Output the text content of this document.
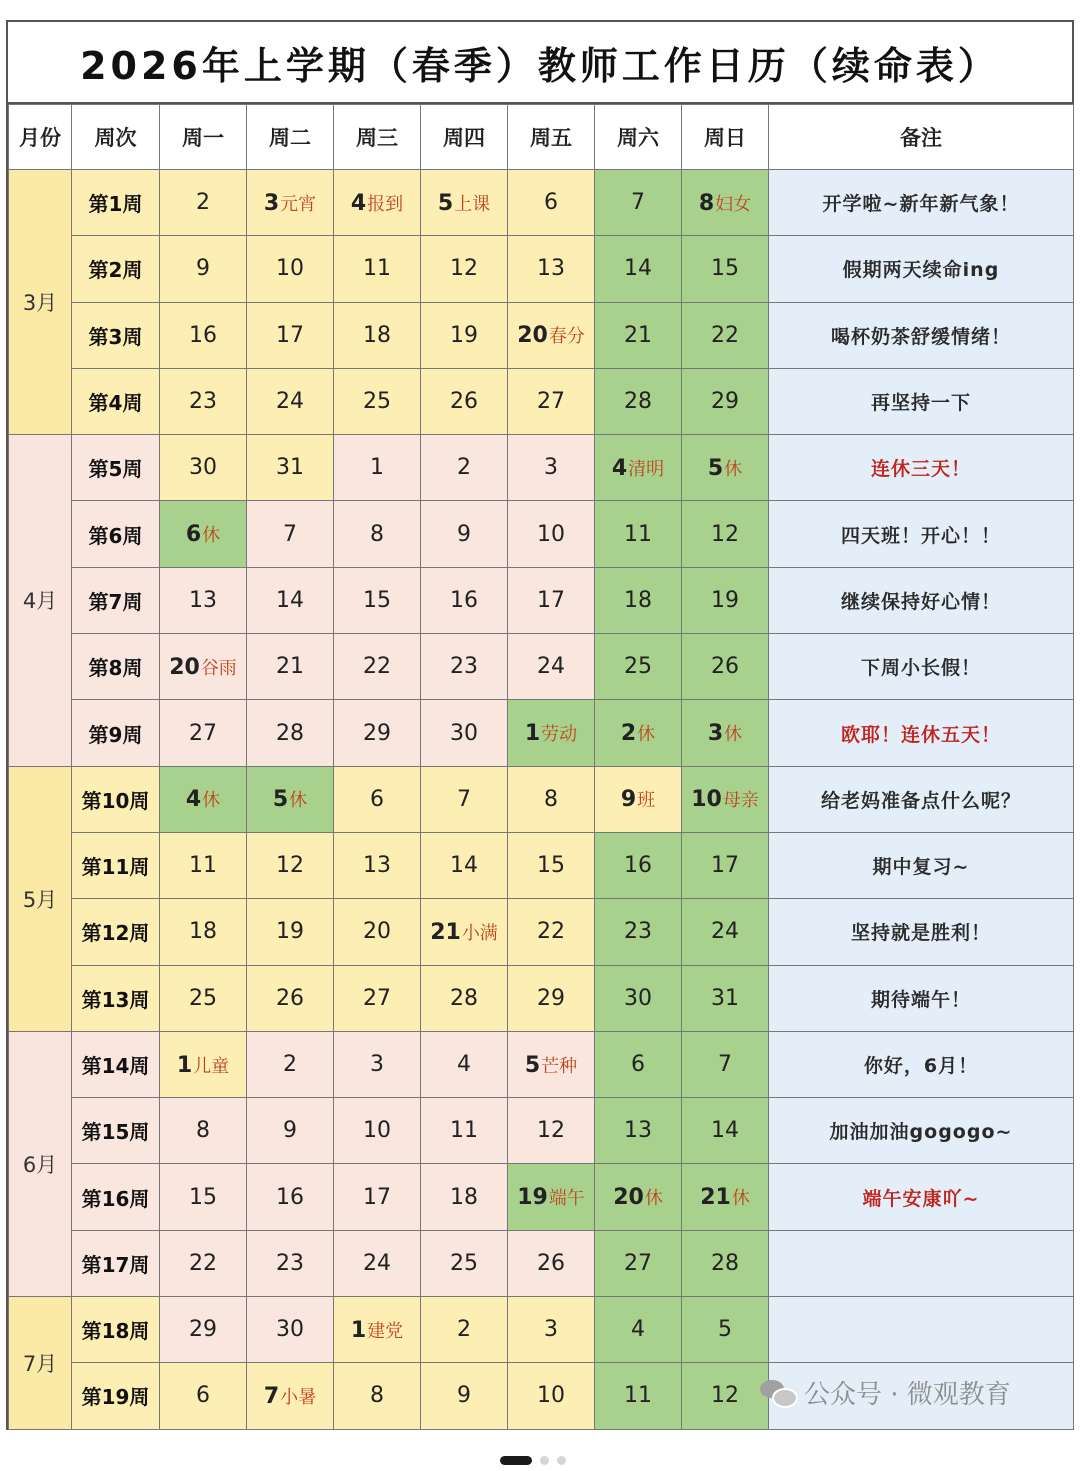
2026年上学期（春季）教师工作日历（续命表）
月份	周次	周一	周二	周三	周四	周五	周六	周日	备注
3月	第1周	2	3元宵	4报到	5上课	6	7	8妇女	开学啦~新年新气象！
	第2周	9	10	11	12	13	14	15	假期两天续命ing
	第3周	16	17	18	19	20春分	21	22	喝杯奶茶舒缓情绪！
	第4周	23	24	25	26	27	28	29	再坚持一下
4月	第5周	30	31	1	2	3	4清明	5休	连休三天！
	第6周	6休	7	8	9	10	11	12	四天班！开心！！
	第7周	13	14	15	16	17	18	19	继续保持好心情！
	第8周	20谷雨	21	22	23	24	25	26	下周小长假！
	第9周	27	28	29	30	1劳动	2休	3休	欧耶！连休五天！
5月	第10周	4休	5休	6	7	8	9班	10母亲	给老妈准备点什么呢？
	第11周	11	12	13	14	15	16	17	期中复习~
	第12周	18	19	20	21小满	22	23	24	坚持就是胜利！
	第13周	25	26	27	28	29	30	31	期待端午！
6月	第14周	1儿童	2	3	4	5芒种	6	7	你好，6月！
	第15周	8	9	10	11	12	13	14	加油加油gogogo~
	第16周	15	16	17	18	19端午	20休	21休	端午安康吖~
	第17周	22	23	24	25	26	27	28	
7月	第18周	29	30	1建党	2	3	4	5	
	第19周	6	7小暑	8	9	10	11	12		公众号 · 微观教育
